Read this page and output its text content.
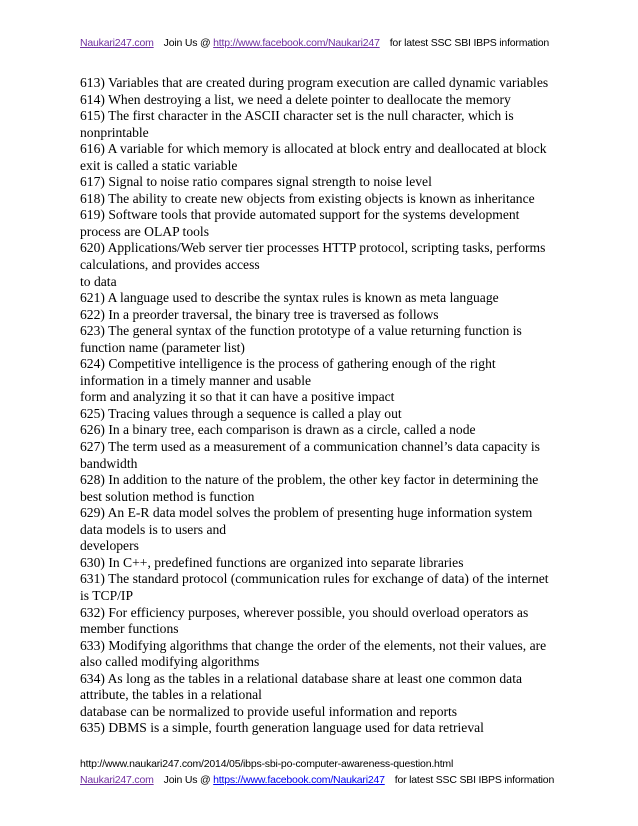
Naukari247.com Join Us @ http://www.facebook.com/Naukari247 for latest SSC SBI IBPS information
613) Variables that are created during program execution are called dynamic variables
614) When destroying a list, we need a delete pointer to deallocate the memory
615) The first character in the ASCII character set is the null character, which is
nonprintable
616) A variable for which memory is allocated at block entry and deallocated at block
exit is called a static variable
617) Signal to noise ratio compares signal strength to noise level
618) The ability to create new objects from existing objects is known as inheritance
619) Software tools that provide automated support for the systems development
process are OLAP tools
620) Applications/Web server tier processes HTTP protocol, scripting tasks, performs
calculations, and provides access
to data
621) A language used to describe the syntax rules is known as meta language
622) In a preorder traversal, the binary tree is traversed as follows
623) The general syntax of the function prototype of a value returning function is
function name (parameter list)
624) Competitive intelligence is the process of gathering enough of the right
information in a timely manner and usable
form and analyzing it so that it can have a positive impact
625) Tracing values through a sequence is called a play out
626) In a binary tree, each comparison is drawn as a circle, called a node
627) The term used as a measurement of a communication channel’s data capacity is
bandwidth
628) In addition to the nature of the problem, the other key factor in determining the
best solution method is function
629) An E-R data model solves the problem of presenting huge information system
data models is to users and
developers
630) In C++, predefined functions are organized into separate libraries
631) The standard protocol (communication rules for exchange of data) of the internet
is TCP/IP
632) For efficiency purposes, wherever possible, you should overload operators as
member functions
633) Modifying algorithms that change the order of the elements, not their values, are
also called modifying algorithms
634) As long as the tables in a relational database share at least one common data
attribute, the tables in a relational
database can be normalized to provide useful information and reports
635) DBMS is a simple, fourth generation language used for data retrieval
http://www.naukari247.com/2014/05/ibps-sbi-po-computer-awareness-question.html
Naukari247.com Join Us @ https://www.facebook.com/Naukari247 for latest SSC SBI IBPS information
